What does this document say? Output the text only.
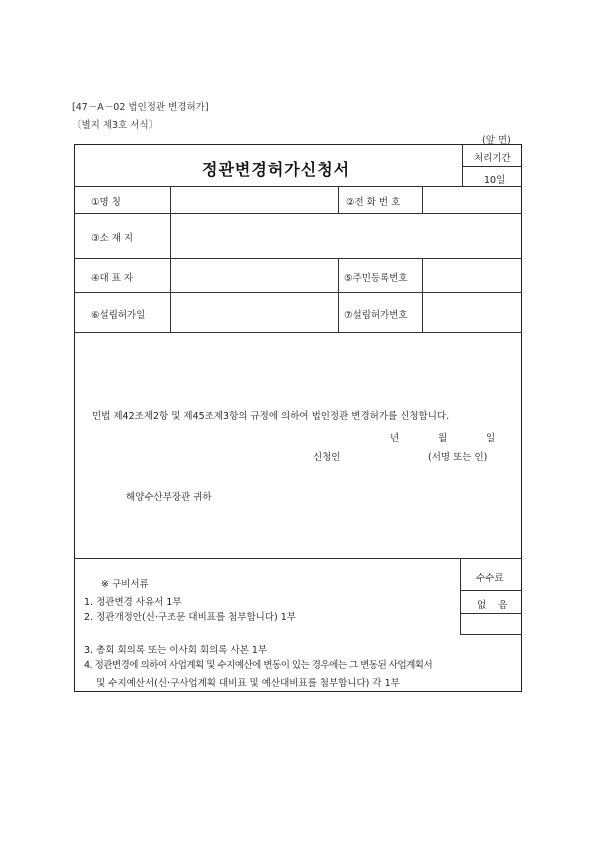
[47－A－02 법인정관 변경허가]
〔별지 제3호 서식〕
(앞 면)
정관변경허가신청서
처리기간
10일
①명 칭	②전 화 번 호
③소 재 지
④대 표 자	⑤주민등록번호
⑥설립허가일	⑦설립허가번호
민법 제42조제2항 및 제45조제3항의 규정에 의하여 법인정관 변경허가를 신청합니다.
년	월	일
신청인	(서명 또는 인)
해양수산부장관 귀하
※ 구비서류
1. 정관변경 사유서 1부
2. 정관개정안(신·구조문 대비표를 첨부합니다) 1부
3. 총회 회의록 또는 이사회 회의록 사본 1부
4. 정관변경에 의하여 사업계획 및 수지예산에 변동이 있는 경우에는 그 변동된 사업계획서
및 수지예산서(신·구사업계획 대비표 및 예산대비표를 첨부합니다) 각 1부
수수료
없    음
